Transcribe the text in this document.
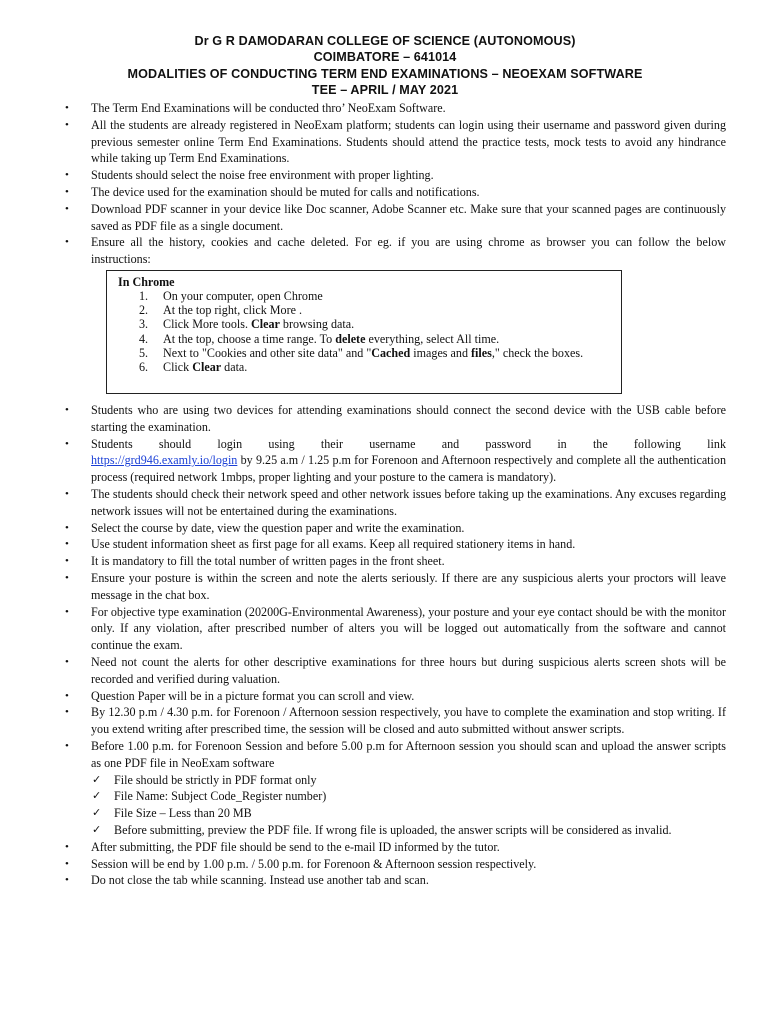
Dr G R DAMODARAN COLLEGE OF SCIENCE (AUTONOMOUS)
COIMBATORE – 641014
MODALITIES OF CONDUCTING TERM END EXAMINATIONS – NEOEXAM SOFTWARE
TEE – APRIL / MAY 2021
• The Term End Examinations will be conducted thro’ NeoExam Software.
• All the students are already registered in NeoExam platform; students can login using their username and password given during previous semester online Term End Examinations. Students should attend the practice tests, mock tests to avoid any hindrance while taking up Term End Examinations.
• Students should select the noise free environment with proper lighting.
• The device used for the examination should be muted for calls and notifications.
• Download PDF scanner in your device like Doc scanner, Adobe Scanner etc. Make sure that your scanned pages are continuously saved as PDF file as a single document.
• Ensure all the history, cookies and cache deleted. For eg. if you are using chrome as browser you can follow the below instructions:
In Chrome
1. On your computer, open Chrome
2. At the top right, click More .
3. Click More tools. Clear browsing data.
4. At the top, choose a time range. To delete everything, select All time.
5. Next to "Cookies and other site data" and "Cached images and files," check the boxes.
6. Click Clear data.
• Students who are using two devices for attending examinations should connect the second device with the USB cable before starting the examination.
• Students should login using their username and password in the following link
https://grd946.examly.io/login by 9.25 a.m / 1.25 p.m for Forenoon and Afternoon respectively and complete all the authentication process (required network 1mbps, proper lighting and your posture to the camera is mandatory).
• The students should check their network speed and other network issues before taking up the examinations. Any excuses regarding network issues will not be entertained during the examinations.
• Select the course by date, view the question paper and write the examination.
• Use student information sheet as first page for all exams. Keep all required stationery items in hand.
• It is mandatory to fill the total number of written pages in the front sheet.
• Ensure your posture is within the screen and note the alerts seriously. If there are any suspicious alerts your proctors will leave message in the chat box.
• For objective type examination (20200G-Environmental Awareness), your posture and your eye contact should be with the monitor only. If any violation, after prescribed number of alters you will be logged out automatically from the software and cannot continue the exam.
• Need not count the alerts for other descriptive examinations for three hours but during suspicious alerts screen shots will be recorded and verified during valuation.
• Question Paper will be in a picture format you can scroll and view.
• By 12.30 p.m / 4.30 p.m. for Forenoon / Afternoon session respectively, you have to complete the examination and stop writing. If you extend writing after prescribed time, the session will be closed and auto submitted without answer scripts.
• Before 1.00 p.m. for Forenoon Session and before 5.00 p.m for Afternoon session you should scan and upload the answer scripts as one PDF file in NeoExam software
✓ File should be strictly in PDF format only
✓ File Name: Subject Code_Register number)
✓ File Size – Less than 20 MB
✓ Before submitting, preview the PDF file. If wrong file is uploaded, the answer scripts will be considered as invalid.
• After submitting, the PDF file should be send to the e-mail ID informed by the tutor.
• Session will be end by 1.00 p.m. / 5.00 p.m. for Forenoon & Afternoon session respectively.
• Do not close the tab while scanning. Instead use another tab and scan.
